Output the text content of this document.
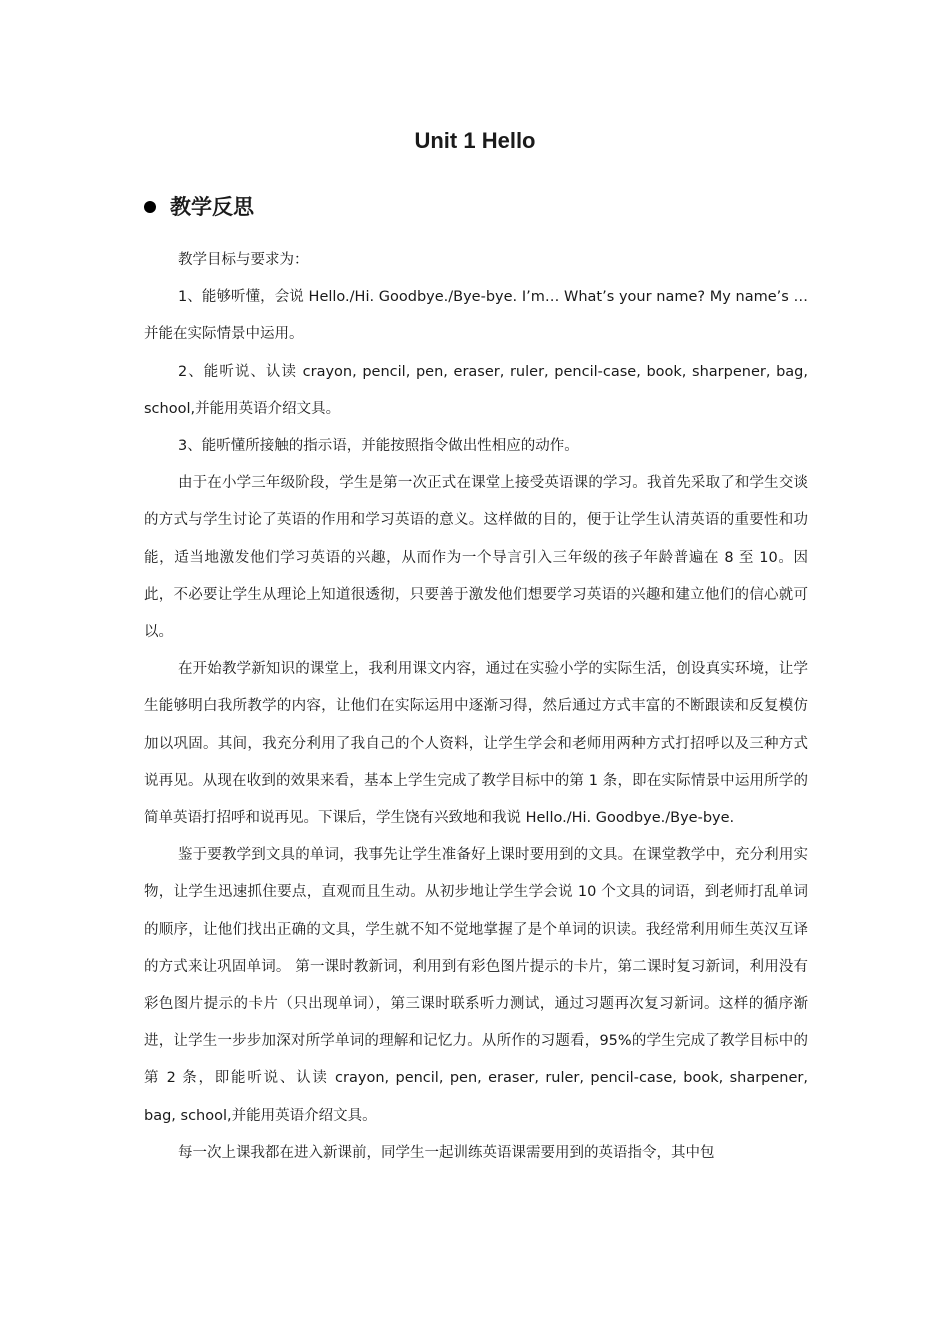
Unit 1 Hello
教学反思

教学目标与要求为：

1、能够听懂，会说 Hello./Hi. Goodbye./Bye-bye. I’m… What’s your name? My name’s …并能在实际情景中运用。

2、能听说、认读 crayon, pencil, pen, eraser, ruler, pencil-case, book, sharpener, bag, school,并能用英语介绍文具。

3、能听懂所接触的指示语，并能按照指令做出性相应的动作。

由于在小学三年级阶段，学生是第一次正式在课堂上接受英语课的学习。我首先采取了和学生交谈的方式与学生讨论了英语的作用和学习英语的意义。这样做的目的，便于让学生认清英语的重要性和功能，适当地激发他们学习英语的兴趣，从而作为一个导言引入三年级的孩子年龄普遍在 8 至 10。因此，不必要让学生从理论上知道很透彻，只要善于激发他们想要学习英语的兴趣和建立他们的信心就可以。

在开始教学新知识的课堂上，我利用课文内容，通过在实验小学的实际生活，创设真实环境，让学生能够明白我所教学的内容，让他们在实际运用中逐渐习得，然后通过方式丰富的不断跟读和反复模仿加以巩固。其间，我充分利用了我自己的个人资料，让学生学会和老师用两种方式打招呼以及三种方式说再见。从现在收到的效果来看，基本上学生完成了教学目标中的第 1 条，即在实际情景中运用所学的简单英语打招呼和说再见。下课后，学生饶有兴致地和我说 Hello./Hi. Goodbye./Bye-bye.

鉴于要教学到文具的单词，我事先让学生准备好上课时要用到的文具。在课堂教学中，充分利用实物，让学生迅速抓住要点，直观而且生动。从初步地让学生学会说 10 个文具的词语，到老师打乱单词的顺序，让他们找出正确的文具，学生就不知不觉地掌握了是个单词的识读。我经常利用师生英汉互译的方式来让巩固单词。 第一课时教新词，利用到有彩色图片提示的卡片，第二课时复习新词，利用没有彩色图片提示的卡片（只出现单词），第三课时联系听力测试，通过习题再次复习新词。这样的循序渐进，让学生一步步加深对所学单词的理解和记忆力。从所作的习题看，95%的学生完成了教学目标中的第 2 条，即能听说、认读 crayon, pencil, pen, eraser, ruler, pencil-case, book, sharpener, bag, school,并能用英语介绍文具。

每一次上课我都在进入新课前，同学生一起训练英语课需要用到的英语指令，其中包
